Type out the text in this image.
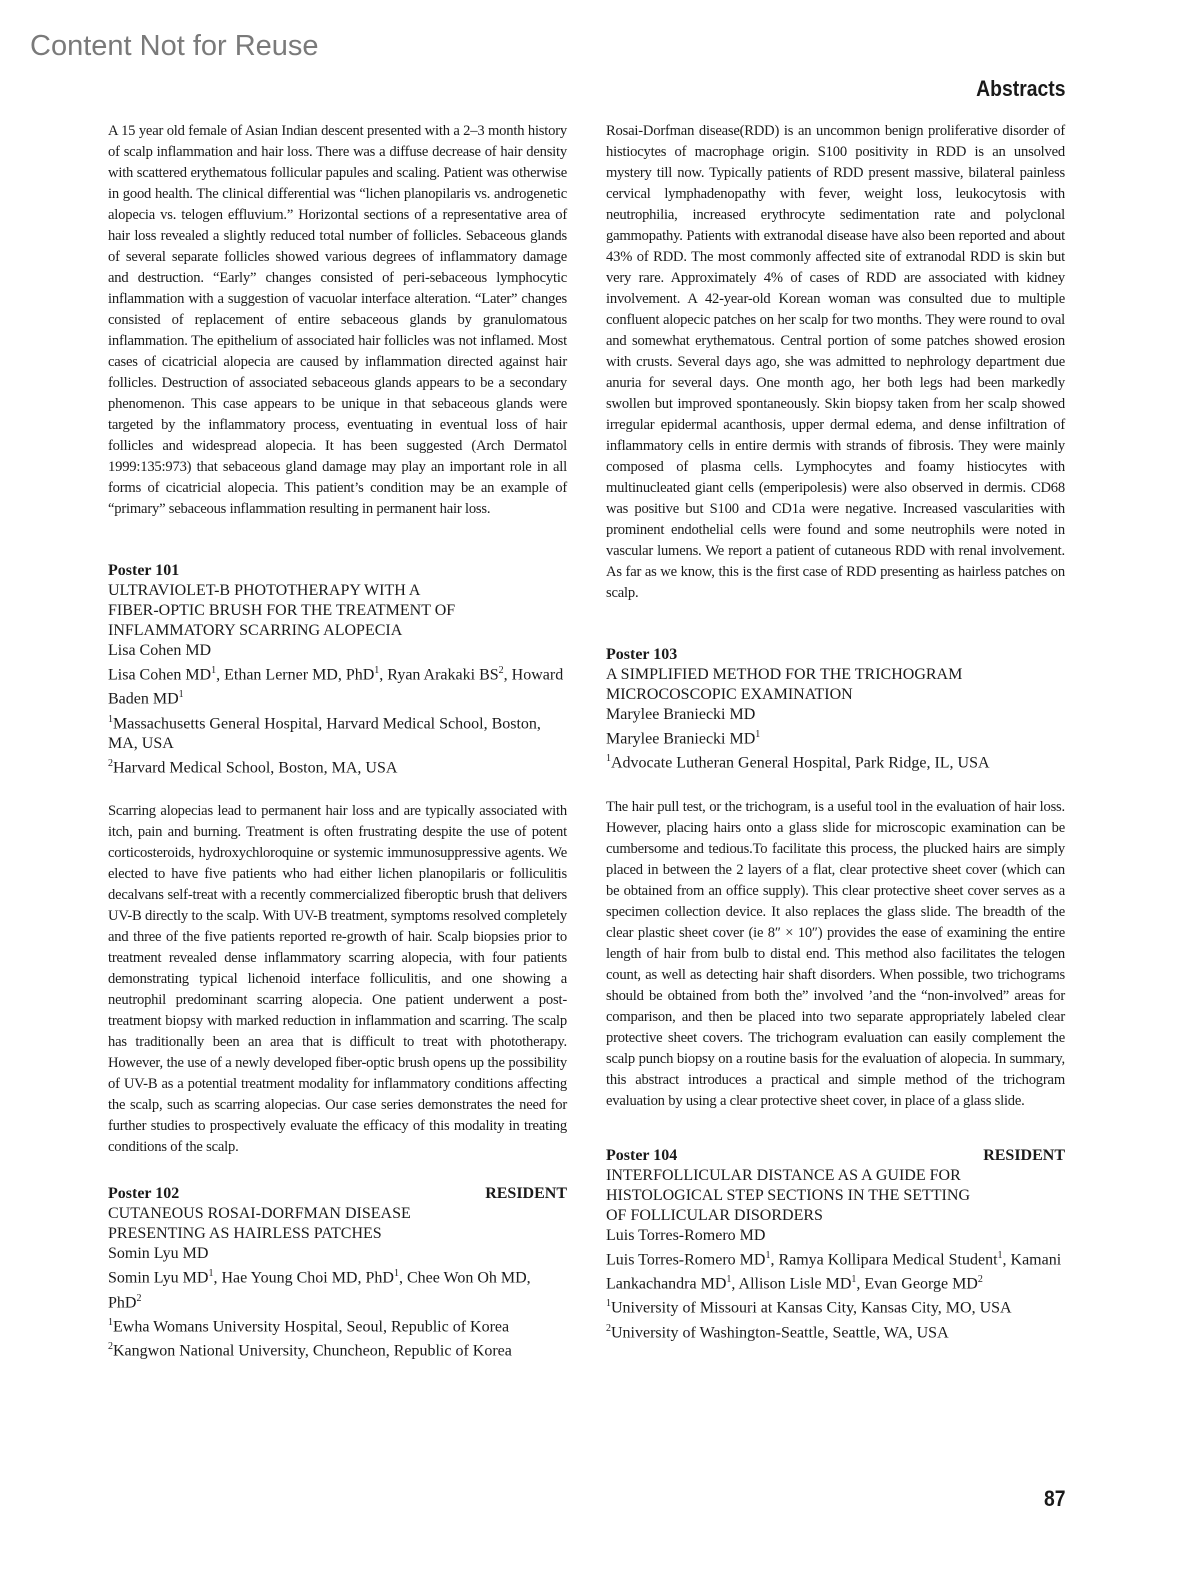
Content Not for Reuse
Abstracts

A 15 year old female of Asian Indian descent presented with a 2–3 month history of scalp inflammation and hair loss. There was a diffuse decrease of hair density with scattered erythematous follicular papules and scaling. Patient was otherwise in good health. The clinical differential was “lichen planopilaris vs. androgenetic alopecia vs. telogen effluvium.” Horizontal sections of a representative area of hair loss revealed a slightly reduced total number of follicles. Sebaceous glands of several separate follicles showed various degrees of inflammatory damage and destruction. “Early” changes consisted of peri-sebaceous lymphocytic inflammation with a suggestion of vacuolar interface alteration. “Later” changes consisted of replacement of entire sebaceous glands by granulomatous inflammation. The epithelium of associated hair follicles was not inflamed. Most cases of cicatricial alopecia are caused by inflammation directed against hair follicles. Destruction of associated sebaceous glands appears to be a secondary phenomenon. This case appears to be unique in that sebaceous glands were targeted by the inflammatory process, eventuating in eventual loss of hair follicles and widespread alopecia. It has been suggested (Arch Dermatol 1999:135:973) that sebaceous gland damage may play an important role in all forms of cicatricial alopecia. This patient’s condition may be an example of “primary” sebaceous inflammation resulting in permanent hair loss.

Poster 101

ULTRAVIOLET-B PHOTOTHERAPY WITH A
FIBER-OPTIC BRUSH FOR THE TREATMENT OF
INFLAMMATORY SCARRING ALOPECIA

Lisa Cohen MD

Lisa Cohen $MD^1$, Ethan Lerner MD, PhD$^1$, Ryan Arakaki $BS^2$, Howard Baden $MD^1$

$^1$Massachusetts General Hospital, Harvard Medical School, Boston, MA, USA

$^2$Harvard Medical School, Boston, MA, USA

Scarring alopecias lead to permanent hair loss and are typically associated with itch, pain and burning. Treatment is often frustrating despite the use of potent corticosteroids, hydroxychloroquine or systemic immunosuppressive agents. We elected to have five patients who had either lichen planopilaris or folliculitis decalvans self-treat with a recently commercialized fiberoptic brush that delivers UV-B directly to the scalp. With UV-B treatment, symptoms resolved completely and three of the five patients reported re-growth of hair. Scalp biopsies prior to treatment revealed dense inflammatory scarring alopecia, with four patients demonstrating typical lichenoid interface folliculitis, and one showing a neutrophil predominant scarring alopecia. One patient underwent a post-treatment biopsy with marked reduction in inflammation and scarring. The scalp has traditionally been an area that is difficult to treat with phototherapy. However, the use of a newly developed fiber-optic brush opens up the possibility of UV-B as a potential treatment modality for inflammatory conditions affecting the scalp, such as scarring alopecias. Our case series demonstrates the need for further studies to prospectively evaluate the efficacy of this modality in treating conditions of the scalp.

Poster 102	RESIDENT

CUTANEOUS ROSAI-DORFMAN DISEASE
PRESENTING AS HAIRLESS PATCHES

Somin Lyu MD

Somin Lyu $MD^1$, Hae Young Choi MD, PhD$^1$, Chee Won Oh MD, PhD$^2$

$^1$Ewha Womans University Hospital, Seoul, Republic of Korea

$^2$Kangwon National University, Chuncheon, Republic of Korea

Rosai-Dorfman disease(RDD) is an uncommon benign proliferative disorder of histiocytes of macrophage origin. S100 positivity in RDD is an unsolved mystery till now. Typically patients of RDD present massive, bilateral painless cervical lymphadenopathy with fever, weight loss, leukocytosis with neutrophilia, increased erythrocyte sedimentation rate and polyclonal gammopathy. Patients with extranodal disease have also been reported and about 43% of RDD. The most commonly affected site of extranodal RDD is skin but very rare. Approximately 4% of cases of RDD are associated with kidney involvement. A 42-year-old Korean woman was consulted due to multiple confluent alopecic patches on her scalp for two months. They were round to oval and somewhat erythematous. Central portion of some patches showed erosion with crusts. Several days ago, she was admitted to nephrology department due anuria for several days. One month ago, her both legs had been markedly swollen but improved spontaneously. Skin biopsy taken from her scalp showed irregular epidermal acanthosis, upper dermal edema, and dense infiltration of inflammatory cells in entire dermis with strands of fibrosis. They were mainly composed of plasma cells. Lymphocytes and foamy histiocytes with multinucleated giant cells (emperipolesis) were also observed in dermis. CD68 was positive but S100 and CD1a were negative. Increased vascularities with prominent endothelial cells were found and some neutrophils were noted in vascular lumens. We report a patient of cutaneous RDD with renal involvement. As far as we know, this is the first case of RDD presenting as hairless patches on scalp.

Poster 103

A SIMPLIFIED METHOD FOR THE TRICHOGRAM
MICROCOSCOPIC EXAMINATION

Marylee Braniecki MD

Marylee Braniecki $MD^1$

$^1$Advocate Lutheran General Hospital, Park Ridge, IL, USA

The hair pull test, or the trichogram, is a useful tool in the evaluation of hair loss. However, placing hairs onto a glass slide for microscopic examination can be cumbersome and tedious.To facilitate this process, the plucked hairs are simply placed in between the 2 layers of a flat, clear protective sheet cover (which can be obtained from an office supply). This clear protective sheet cover serves as a specimen collection device. It also replaces the glass slide. The breadth of the clear plastic sheet cover (ie 8″ × 10″) provides the ease of examining the entire length of hair from bulb to distal end. This method also facilitates the telogen count, as well as detecting hair shaft disorders. When possible, two trichograms should be obtained from both the” involved ’and the “non-involved” areas for comparison, and then be placed into two separate appropriately labeled clear protective sheet covers. The trichogram evaluation can easily complement the scalp punch biopsy on a routine basis for the evaluation of alopecia. In summary, this abstract introduces a practical and simple method of the trichogram evaluation by using a clear protective sheet cover, in place of a glass slide.

Poster 104	RESIDENT

INTERFOLLICULAR DISTANCE AS A GUIDE FOR
HISTOLOGICAL STEP SECTIONS IN THE SETTING
OF FOLLICULAR DISORDERS

Luis Torres-Romero MD

Luis Torres-Romero $MD^1$, Ramya Kollipara Medical Student$^1$, Kamani Lankachandra $MD^1$, Allison Lisle $MD^1$, Evan George $MD^2$

$^1$University of Missouri at Kansas City, Kansas City, MO, USA

$^2$University of Washington-Seattle, Seattle, WA, USA

87
